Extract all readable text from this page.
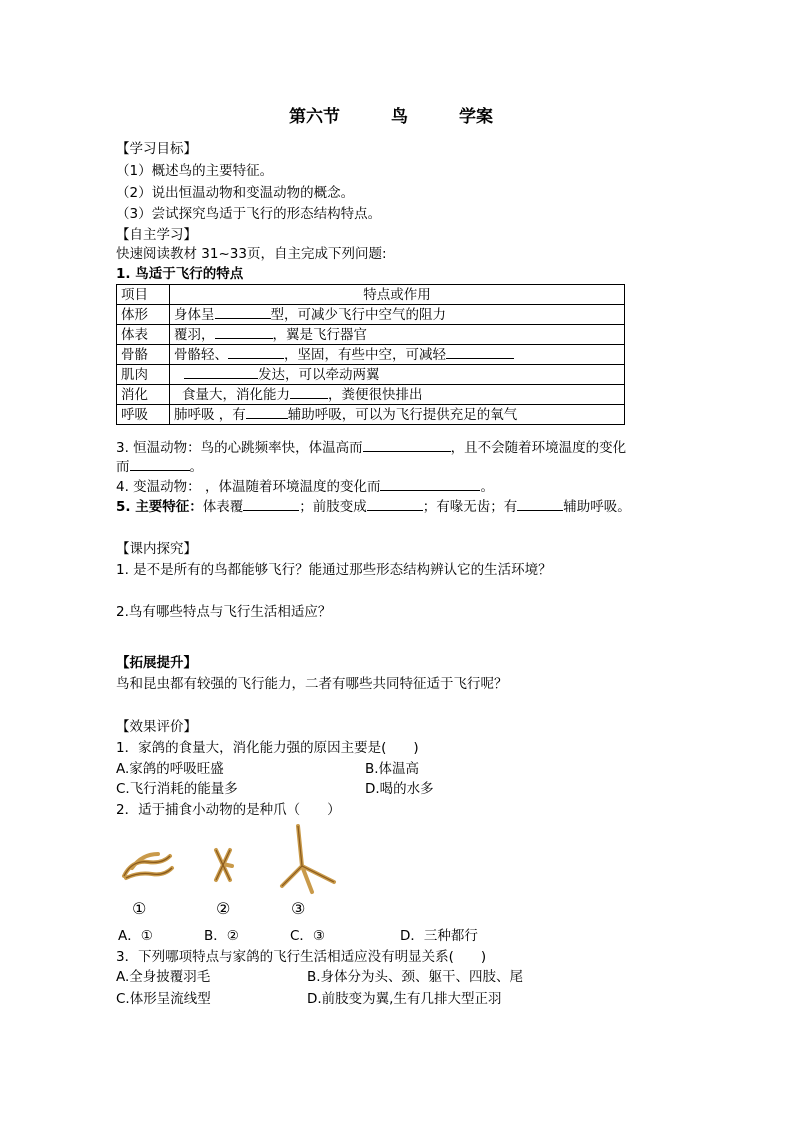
第六节　　　鸟　　　学案
【学习目标】
（1）概述鸟的主要特征。
（2）说出恒温动物和变温动物的概念。
（3）尝试探究鸟适于飞行的形态结构特点。
【自主学习】
快速阅读教材 31~33页，自主完成下列问题:
1. 鸟适于飞行的特点
项目	特点或作用
体形	身体呈 型，可减少飞行中空气的阻力
体表	覆羽， ，翼是飞行器官
骨骼	骨骼轻、 ，坚固，有些中空，可减轻
肌肉	发达，可以牵动两翼
消化	食量大，消化能力 ，粪便很快排出
呼吸	肺呼吸 ，有 辅助呼吸，可以为飞行提供充足的氧气
3. 恒温动物：鸟的心跳频率快，体温高而	，且不会随着环境温度的变化
而	。
4. 变温动物： ，体温随着环境温度的变化而	。
5. 主要特征：体表覆	；前肢变成	；有喙无齿；有	辅助呼吸。
【课内探究】
1. 是不是所有的鸟都能够飞行？能通过那些形态结构辨认它的生活环境？
2.鸟有哪些特点与飞行生活相适应？
【拓展提升】
鸟和昆虫都有较强的飞行能力，二者有哪些共同特征适于飞行呢？
【效果评价】
1．家鸽的食量大，消化能力强的原因主要是(　　)
A.家鸽的呼吸旺盛	B.体温高
C.飞行消耗的能量多	D.喝的水多
2．适于捕食小动物的是种爪（　　）
①	②	③
A．①	B．②	C．③	D．三种都行
3．下列哪项特点与家鸽的飞行生活相适应没有明显关系(　　)
A.全身披覆羽毛	B.身体分为头、颈、躯干、四肢、尾
C.体形呈流线型	D.前肢变为翼,生有几排大型正羽
